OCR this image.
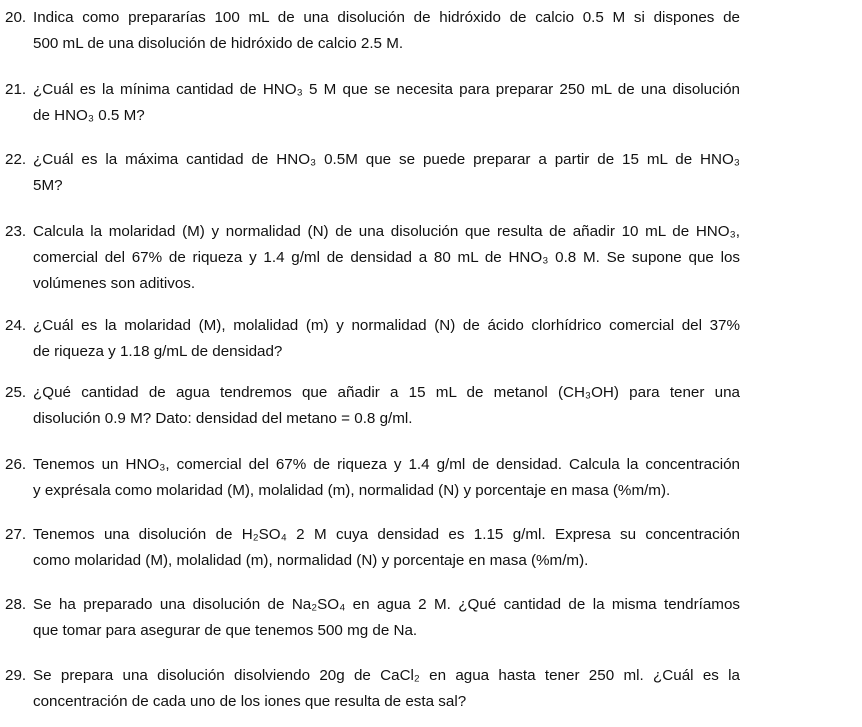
20. Indica como prepararías 100 mL de una disolución de hidróxido de calcio 0.5 M si dispones de
500 mL de una disolución de hidróxido de calcio 2.5 M.
21. ¿Cuál es la mínima cantidad de HNO₃ 5 M que se necesita para preparar 250 mL de una disolución
de HNO₃ 0.5 M?
22. ¿Cuál es la máxima cantidad de HNO₃ 0.5M que se puede preparar a partir de 15 mL de HNO₃
5M?
23. Calcula la molaridad (M) y normalidad (N) de una disolución que resulta de añadir 10 mL de HNO₃,
comercial del 67% de riqueza y 1.4 g/ml de densidad a 80 mL de HNO₃ 0.8 M. Se supone que los
volúmenes son aditivos.
24. ¿Cuál es la molaridad (M), molalidad (m) y normalidad (N) de ácido clorhídrico comercial del 37%
de riqueza y 1.18 g/mL de densidad?
25. ¿Qué cantidad de agua tendremos que añadir a 15 mL de metanol (CH₃OH) para tener una
disolución 0.9 M? Dato: densidad del metano = 0.8 g/ml.
26. Tenemos un HNO₃, comercial del 67% de riqueza y 1.4 g/ml de densidad. Calcula la concentración
y exprésala como molaridad (M), molalidad (m), normalidad (N) y porcentaje en masa (%m/m).
27. Tenemos una disolución de H₂SO₄ 2 M cuya densidad es 1.15 g/ml. Expresa su concentración
como molaridad (M), molalidad (m), normalidad (N) y porcentaje en masa (%m/m).
28. Se ha preparado una disolución de Na₂SO₄ en agua 2 M. ¿Qué cantidad de la misma tendríamos
que tomar para asegurar de que tenemos 500 mg de Na.
29. Se prepara una disolución disolviendo 20g de CaCl₂ en agua hasta tener 250 ml. ¿Cuál es la
concentración de cada uno de los iones que resulta de esta sal?
